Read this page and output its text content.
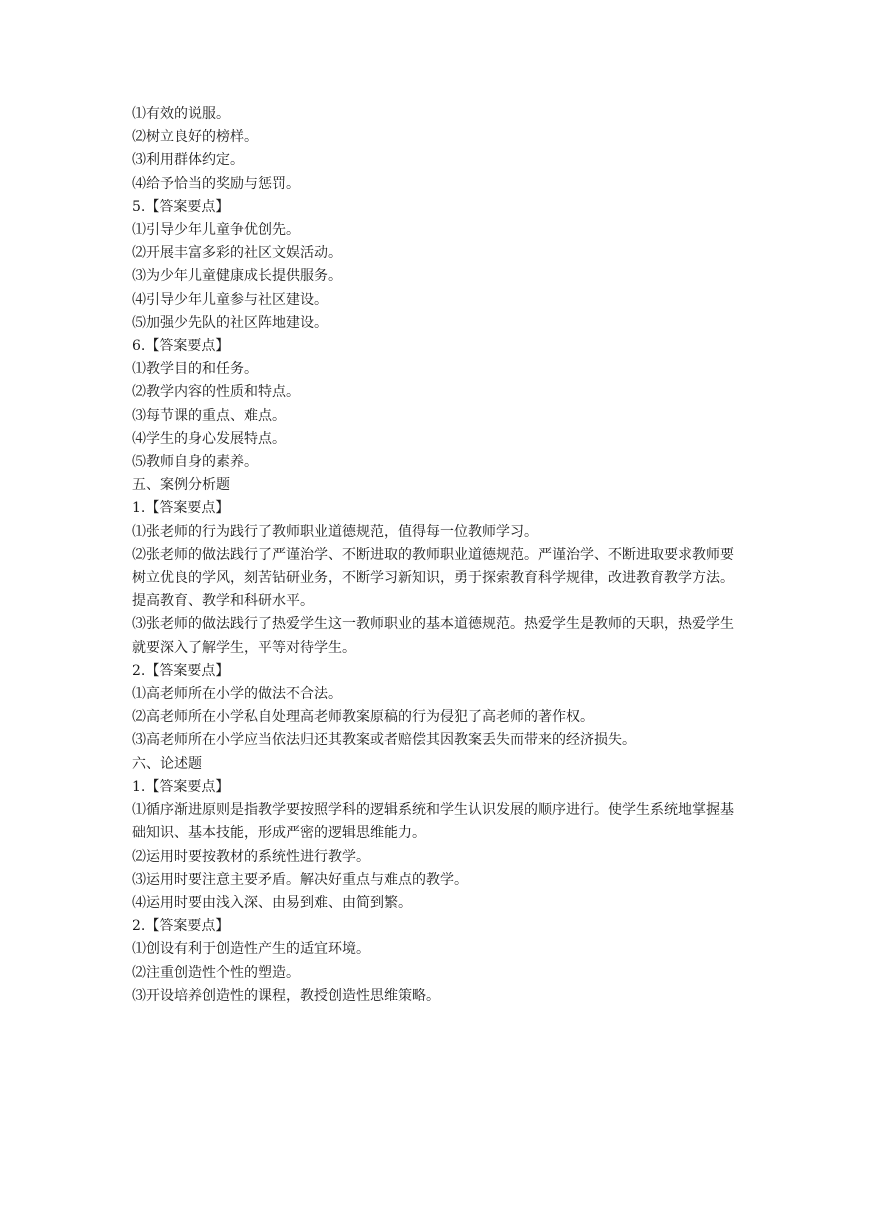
⑴有效的说服。

⑵树立良好的榜样。

⑶利用群体约定。

⑷给予恰当的奖励与惩罚。

5.【答案要点】

⑴引导少年儿童争优创先。

⑵开展丰富多彩的社区文娱活动。

⑶为少年儿童健康成长提供服务。

⑷引导少年儿童参与社区建设。

⑸加强少先队的社区阵地建设。

6.【答案要点】

⑴教学目的和任务。

⑵教学内容的性质和特点。

⑶每节课的重点、难点。

⑷学生的身心发展特点。

⑸教师自身的素养。

五、案例分析题

1.【答案要点】

⑴张老师的行为践行了教师职业道德规范，值得每一位教师学习。

⑵张老师的做法践行了严谨治学、不断进取的教师职业道德规范。严谨治学、不断进取要求教师要树立优良的学风，刻苦钻研业务，不断学习新知识，勇于探索教育科学规律，改进教育教学方法。提高教育、教学和科研水平。

⑶张老师的做法践行了热爱学生这一教师职业的基本道德规范。热爱学生是教师的天职，热爱学生就要深入了解学生，平等对待学生。

2.【答案要点】

⑴高老师所在小学的做法不合法。

⑵高老师所在小学私自处理高老师教案原稿的行为侵犯了高老师的著作权。

⑶高老师所在小学应当依法归还其教案或者赔偿其因教案丢失而带来的经济损失。

六、论述题

1.【答案要点】

⑴循序渐进原则是指教学要按照学科的逻辑系统和学生认识发展的顺序进行。使学生系统地掌握基础知识、基本技能，形成严密的逻辑思维能力。

⑵运用时要按教材的系统性进行教学。

⑶运用时要注意主要矛盾。解决好重点与难点的教学。

⑷运用时要由浅入深、由易到难、由简到繁。

2.【答案要点】

⑴创设有利于创造性产生的适宜环境。

⑵注重创造性个性的塑造。

⑶开设培养创造性的课程，教授创造性思维策略。
